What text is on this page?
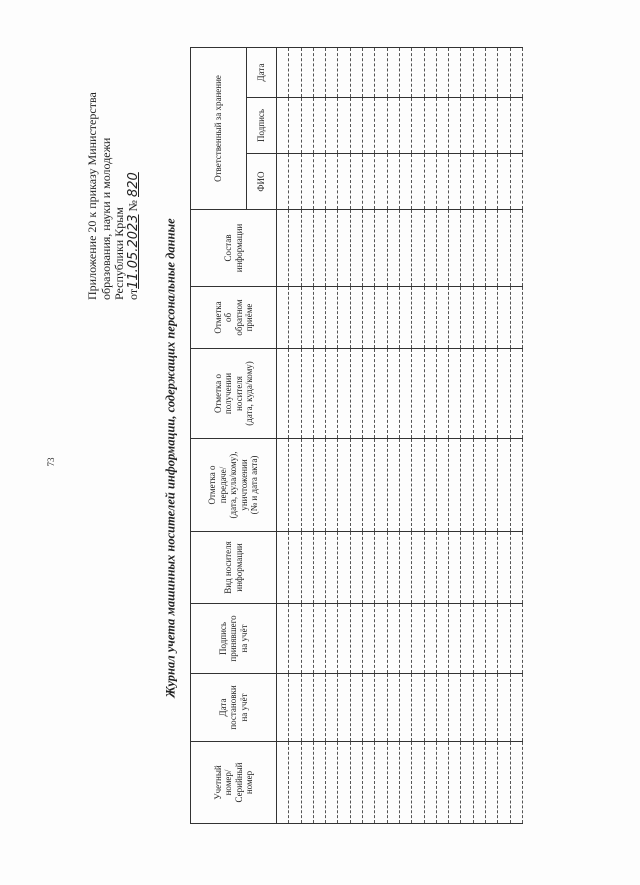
73
Приложение 20 к приказу Министерства образования, науки и молодежи Республики Крым от11.05.2023 № 820
Журнал учета машинных носителей информации, содержащих персональные данные
Учетный
номер/
Серийный
номер	Дата
постановки
на учёт	Подпись
принявшего
на учёт	Вид носителя
информации	Отметка о
передаче/
(дата, кула/кому),
уничтожении
(№ и дата акта)	Отметка о
получении
носителя
(дата, куда/кому)	Отметка
об
обратном
приёме	Состав
информации	Ответственный за хранение		
								ФИО	Подпись	Дата
